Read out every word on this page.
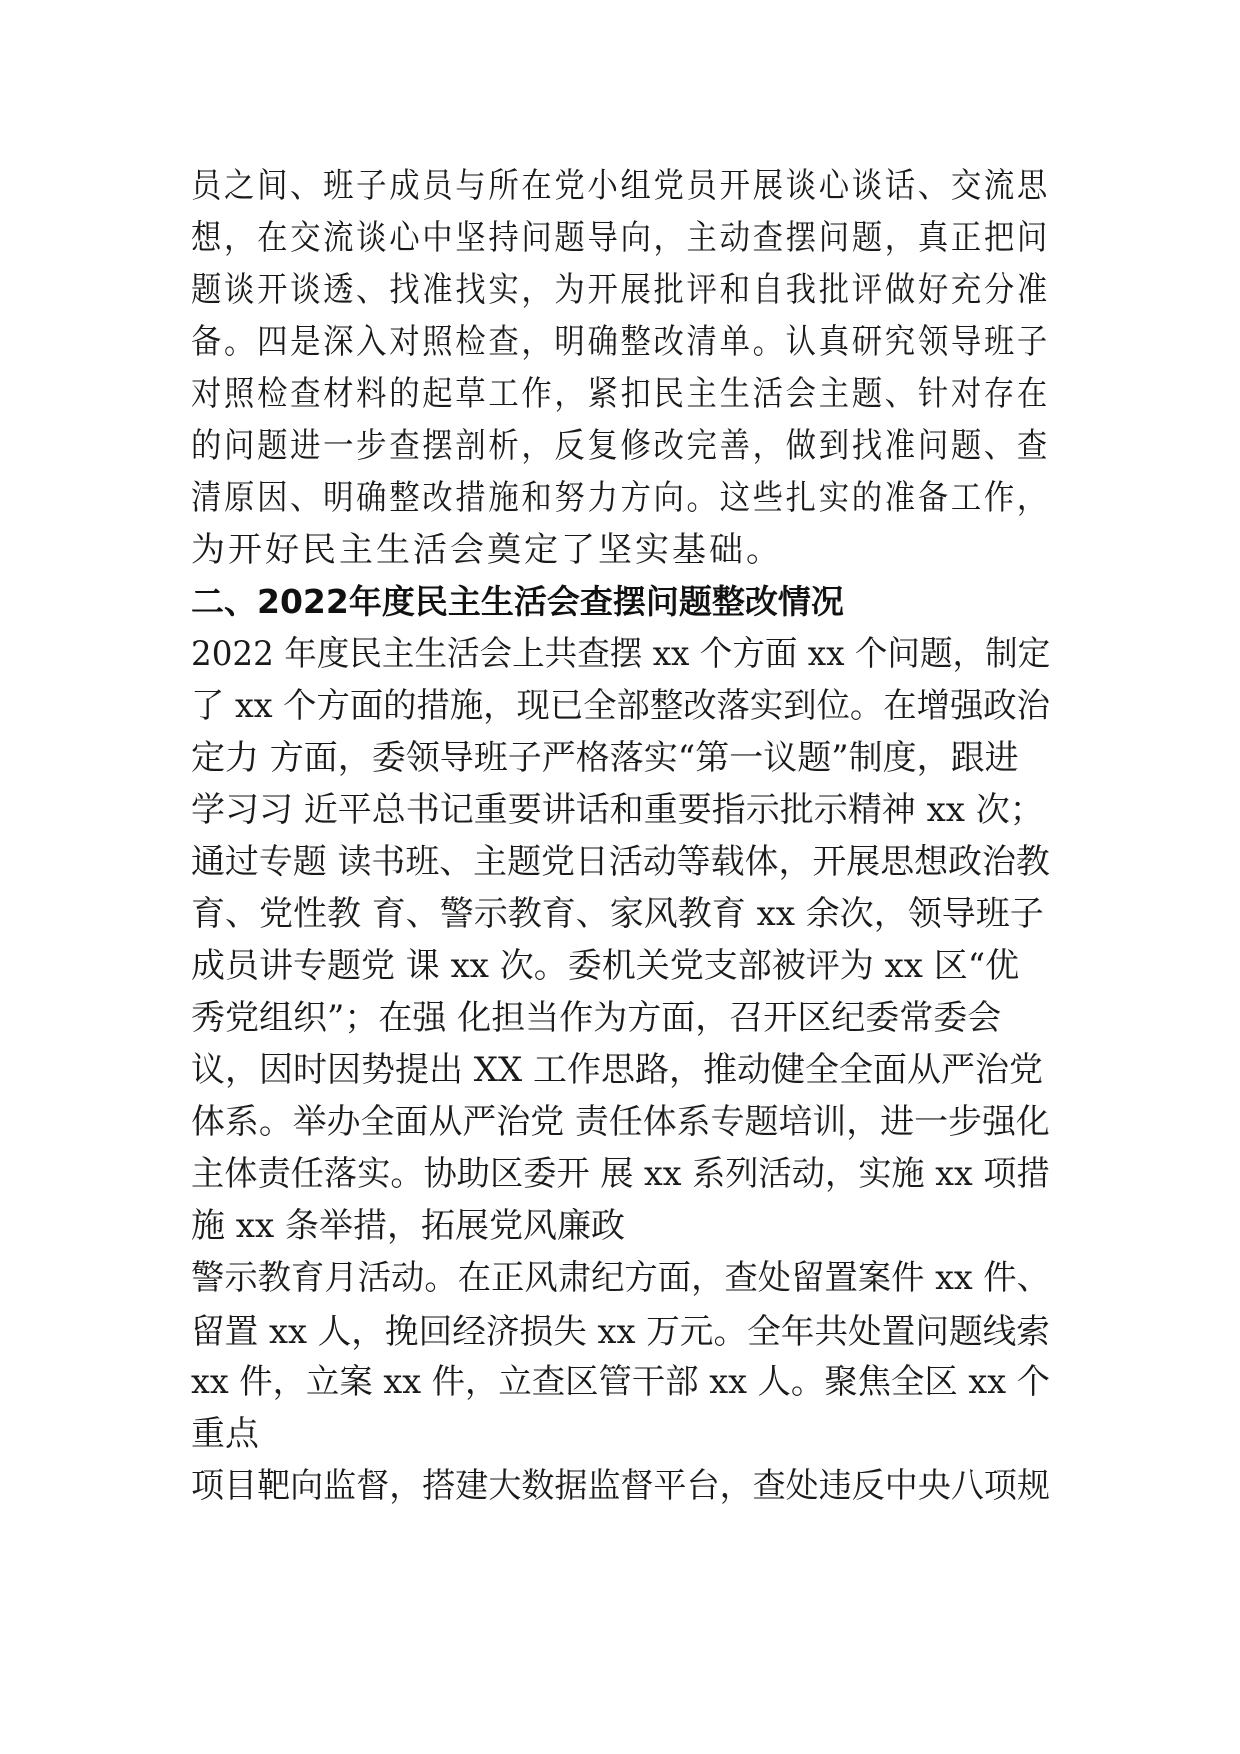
员之间、班子成员与所在党小组党员开展谈心谈话、交流思
想，在交流谈心中坚持问题导向，主动查摆问题，真正把问
题谈开谈透、找准找实，为开展批评和自我批评做好充分准
备。四是深入对照检查，明确整改清单。认真研究领导班子
对照检查材料的起草工作，紧扣民主生活会主题、针对存在
的问题进一步查摆剖析，反复修改完善，做到找准问题、查
清原因、明确整改措施和努力方向。这些扎实的准备工作，
为开好民主生活会奠定了坚实基础。
二、2022年度民主生活会查摆问题整改情况
2022 年度民主生活会上共查摆 xx 个方面 xx 个问题，制定
了 xx 个方面的措施，现已全部整改落实到位。在增强政治
定力 方面，委领导班子严格落实“第一议题”制度，跟进
学习习 近平总书记重要讲话和重要指示批示精神 xx 次；
通过专题 读书班、主题党日活动等载体，开展思想政治教
育、党性教 育、警示教育、家风教育 xx 余次，领导班子
成员讲专题党 课 xx 次。委机关党支部被评为 xx 区“优
秀党组织”；在强 化担当作为方面，召开区纪委常委会
议，因时因势提出 XX 工作思路，推动健全全面从严治党
体系。举办全面从严治党 责任体系专题培训，进一步强化
主体责任落实。协助区委开 展 xx 系列活动，实施 xx 项措
施 xx 条举措，拓展党风廉政
警示教育月活动。在正风肃纪方面，查处留置案件 xx 件、
留置 xx 人，挽回经济损失 xx 万元。全年共处置问题线索
xx 件，立案 xx 件，立查区管干部 xx 人。聚焦全区 xx 个
重点
项目靶向监督，搭建大数据监督平台，查处违反中央八项规
